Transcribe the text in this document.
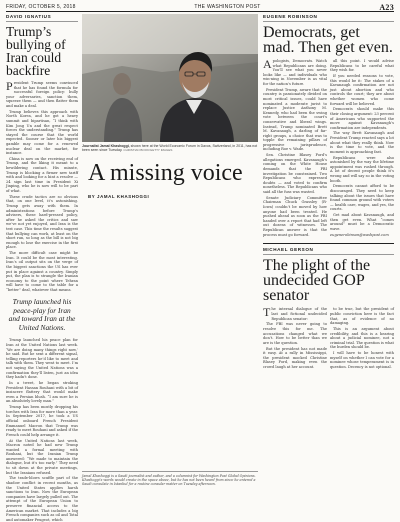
FRIDAY, OCTOBER 5, 2018	THE WASHINGTON POST	A23
DAVID IGNATIUS
Trump’s bullying of Iran could backfire

President Trump seems convinced that he has found the formula for successful foreign policy: bully your adversaries, sanction them, squeeze them — and then flatter them and make a deal.

Trump believes this approach with North Korea, and he got a heavy summit and bipartisan, “I think with Kim Jong Un and the great respect forces the understanding.” Trump has stayed the course that the world expected. Sooner or later his biggest gamble may come for a renewed nuclear deal on the market, for instance.

China is now on the receiving end of Trump, and the liking it meant to a bewildering contact. His minute, Trump is blocking a firmer new tariff with and looking for a hint a resolve — 24 sign last time in President Xi Jinping, who he is now will to be part of what.

These crude tactics are so obvious that, on one level, it’s astonishing. Trump gets away with them. In administrations before Trump’s advisers, these hard-pressed policy, after he asked the critics and saw we’ve not yet enjoyed, and Iran is the test case. This time the results suggest that bullying can work, at least on the short run, so long as the bill is not big enough to lose the exercise in the first place.

The more difficult case might be Iran. It could be the most interesting. Iran’s oil output sits on the verge of the biggest sanctions the US has ever put in place against a country. Simply put, the plan is to strangle the Iranian economy to the point where Tehran will have to come to the table for a “better” deal, whatever that means.

Trump launched his peace-play for Iran and toward Iran at the United Nations.

Trump launched his peace plan for Iran at the United Nations last week. ‘We are doing many things right now,’ he said. But he sent a different signal, telling reporters he’d like to meet and talk with them. They went to meet. I’m not saying the United Nations was a confirmation they’ll listen, just an idea they hadn’t done.

In a tweet, he began stroking President Hassan Rouhani with a bit of insincere flattery that would make even a Persian blush. “I am sure he is an absolutely lovely man.”

Trump has been mostly dropping his torches with Iran for more than a year. In September 2017, he took a US official onboard French President Emmanuel Macron that Trump was ready to meet Rouhani and asked if the French could help arrange it.

At the United Nations last week, Macron noted he had new Trump wanted a formal meeting with Rouhani, but the Iranian Trump answered: “We made to maintain the dialogue, but it’s too early.” They need to sit down at the private meetings, but the Iranians refused.

The trade-blows scuffle part of the shadow conflict in recent months, as the United States applies harsh sanctions to Iran. Now the European companies have largely pulled out. The attempt of the European Union to preserve financial access to the American market. That includes a big French companies such as oil and Total and automaker Peugeot, which

Journalist Jamal Khashoggi, shown here at the World Economic Forum in Davos, Switzerland, in 2011, has not been seen since Tuesday. CHRISTIAN BOOK/GETTY IMAGES
A missing voice
BY JAMAL KHASHOGGI
Jamal Khashoggi is a Saudi journalist and author, and a columnist for Washington Post Global Opinions. Khashoggi’s words would create in the space above, but he has not been heard from since he entered a Saudi consulate in Istanbul for a routine consular matter on Tuesday afternoon.
EUGENE ROBINSON
Democrats, get mad. Then get even.

Apologists, Democrats. Watch what Republicans are doing. You’ll see what you never looks like — and individuals who win-ning in November is as vital for the nation’s future.

President Trump, aware that the country is passionately divided on most critical issues, could have nominated a moderate jurist to replace Justice Anthony M. Kennedy, who had been the swing vote between the court’s conservative and liberal wings. Instead, Trump nominated Brett M. Kavanaugh, a darling of far-right groups, a choice that was to topple the remaining pillars of progressive jurisprudence, including Roe v. Wade.

Sen. Christine Blasey Ford’s allegations emerged. Kavanaugh’s coming on the White House demands that the FBI investigation be constrained. Two Republicans who expressed doubts — and voted to confirm nonetheless. The Republicans who said all the fuss was wasted.

Senate Judiciary Committee Chairman Chuck Grassley (R-Iowa) couldn’t be moved by how anyone had been treated. He pushed ahead as soon as the FBI handed over a report that had left out dozens of witnesses. The Republican answer is that the process must go forward.

all this point. I would advise Republicans to be careful what they wish for.

If you needed reasons to vote, this would be it: The stakes of a Kavanaugh confirmation are not just about abortion and who controls the court; they are about whether women who come forward will be believed.

Democrats should make this their closing argument: 23 percent of Americans who supported the move against Kavanaugh’s confirmation are independents.

The way Brett Kavanaugh and President Trump reacted says a lot about what they really think. Now is the time to vote, and the moment is approaching fast.

Republicans were also astonished by the way the lifetime appointment was rushed through. A lot of decent people think it’s wrong and will say so in the voting booth.

Democrats cannot afford to be discouraged. They need to keep talking about the issues that have found common ground with voters — health care, wages, and yes, the courts.

Get mad about Kavanaugh, and then get even. What “comes around” must be a Democratic wave.

eugenerobinson@washpost.com

MICHAEL GERSON
The plight of the undecided GOP senator

The internal dialogue of the last and fictional undecided Republican senator:

The FBI was never going to resolve this for me. The accusations changed what we don’t. How to be better than we are is the question.

But the president has not made it easy. At a rally in Mississippi, the president mocked Christine Blasey Ford, making even the crowd laugh at her account.

to be true, but the president of public conviction here is the fact that, as of evidence of no damaging.

This is an argument about credibility, and this is a hearing about a judicial nominee, not a criminal trial. The question is what the burden should be.

I will have to be honest with myself on whether I can vote for a nominee whose temperament is in question. Decency is not optional.
